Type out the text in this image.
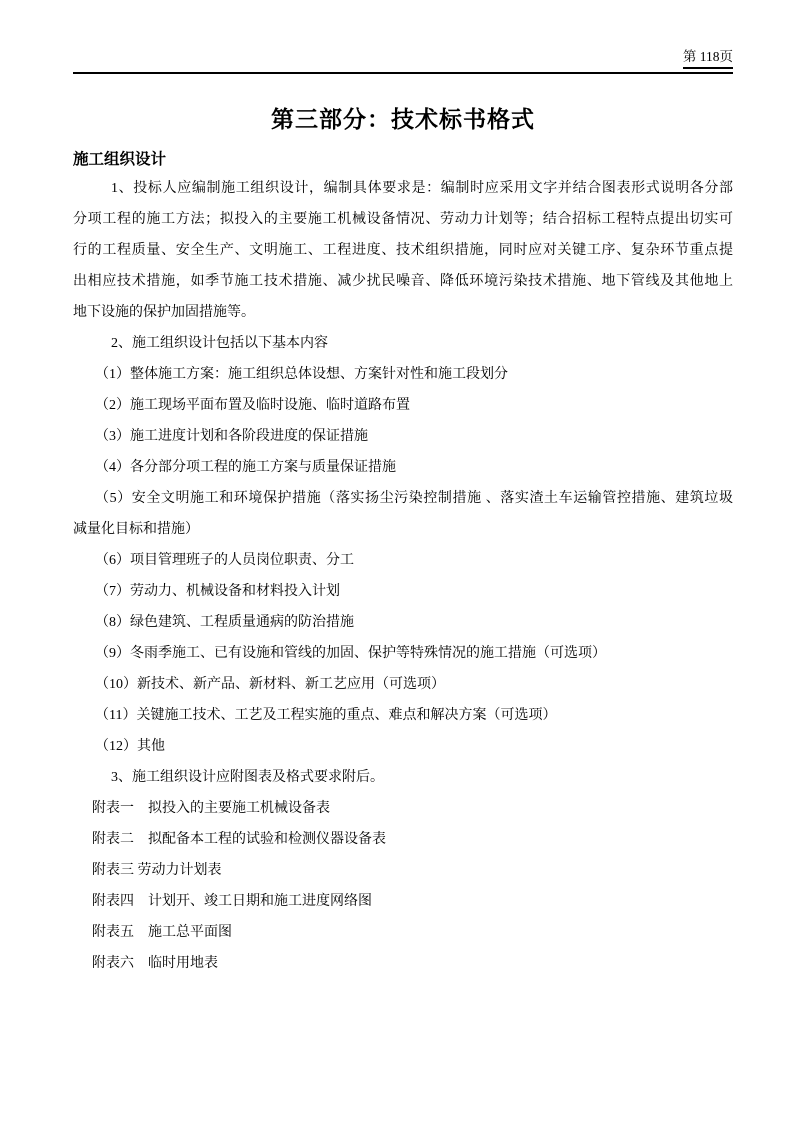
第 118页
第三部分：技术标书格式
施工组织设计
1、投标人应编制施工组织设计，编制具体要求是：编制时应采用文字并结合图表形式说明各分部
分项工程的施工方法；拟投入的主要施工机械设备情况、劳动力计划等；结合招标工程特点提出切实可
行的工程质量、安全生产、文明施工、工程进度、技术组织措施，同时应对关键工序、复杂环节重点提
出相应技术措施，如季节施工技术措施、减少扰民噪音、降低环境污染技术措施、地下管线及其他地上
地下设施的保护加固措施等。
2、施工组织设计包括以下基本内容
（1）整体施工方案：施工组织总体设想、方案针对性和施工段划分
（2）施工现场平面布置及临时设施、临时道路布置
（3）施工进度计划和各阶段进度的保证措施
（4）各分部分项工程的施工方案与质量保证措施
（5）安全文明施工和环境保护措施（落实扬尘污染控制措施 、落实渣土车运输管控措施、建筑垃圾
减量化目标和措施）
（6）项目管理班子的人员岗位职责、分工
（7）劳动力、机械设备和材料投入计划
（8）绿色建筑、工程质量通病的防治措施
（9）冬雨季施工、已有设施和管线的加固、保护等特殊情况的施工措施（可选项）
（10）新技术、新产品、新材料、新工艺应用（可选项）
（11）关键施工技术、工艺及工程实施的重点、难点和解决方案（可选项）
（12）其他
3、施工组织设计应附图表及格式要求附后。
附表一　拟投入的主要施工机械设备表
附表二　拟配备本工程的试验和检测仪器设备表
附表三 劳动力计划表
附表四　计划开、竣工日期和施工进度网络图
附表五　施工总平面图
附表六　临时用地表
